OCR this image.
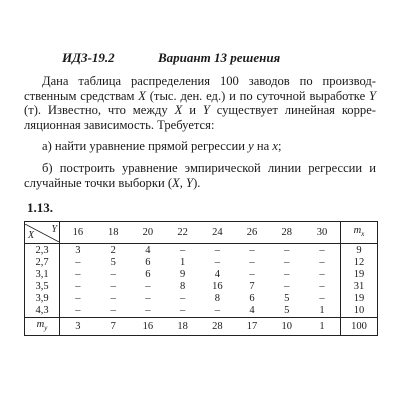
ИДЗ-19.2	Вариант 13 решения

Дана таблица распределения 100 заводов по производ- ственным средствам X (тыс. ден. ед.) и по суточной выработке Y (т). Известно, что между X и Y существует линейная корре- ляционная зависимость. Требуется:

а) найти уравнение прямой регрессии y на x;

б) построить уравнение эмпирической линии регрессии и случайные точки выборки (X, Y).

1.13.
Y
X	16	18	20	22	24	26	28	30	$m_x$
2,3	3	2	4	–	–	–	–	–	9
2,7	–	5	6	1	–	–	–	–	12
3,1	–	–	6	9	4	–	–	–	19
3,5	–	–	–	8	16	7	–	–	31
3,9	–	–	–	–	8	6	5	–	19
4,3	–	–	–	–	–	4	5	1	10
$m_y$	3	7	16	18	28	17	10	1	100
